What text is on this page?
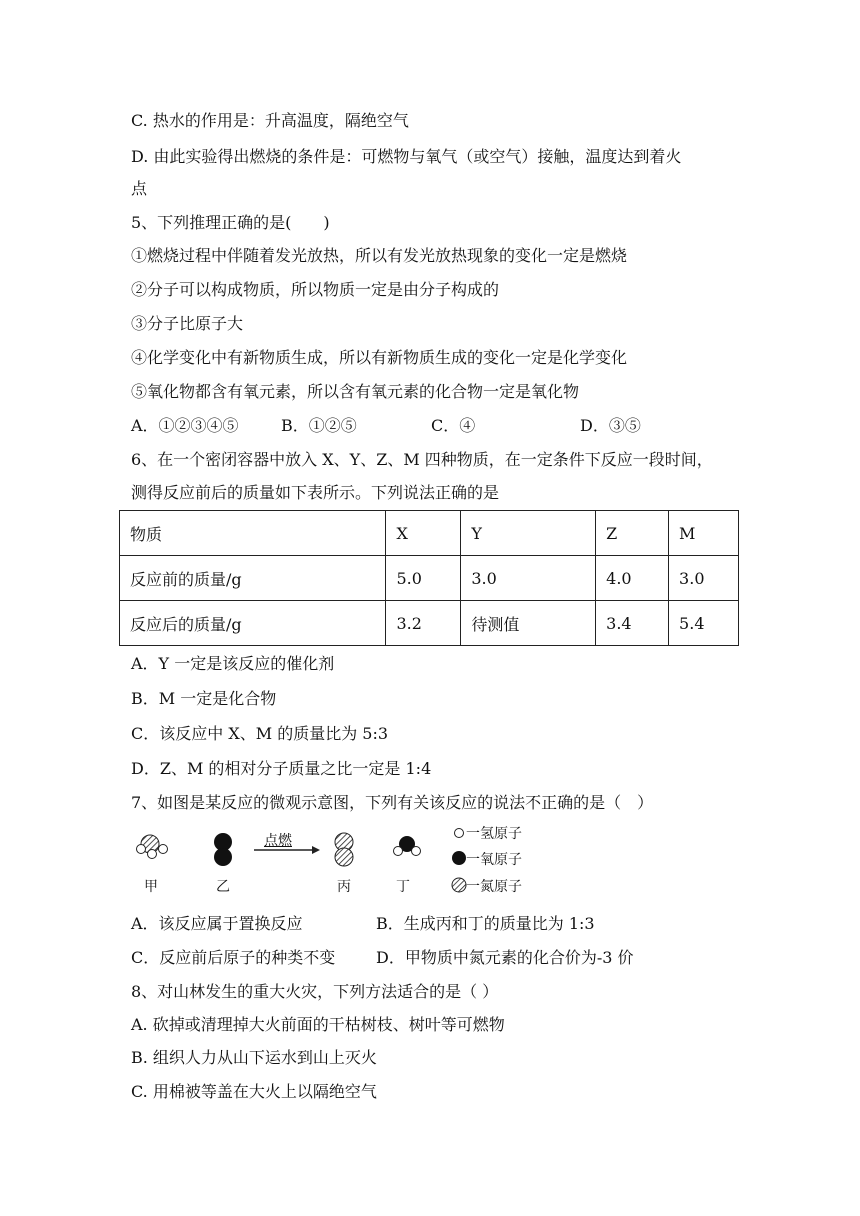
C. 热水的作用是：升高温度，隔绝空气
D. 由此实验得出燃烧的条件是：可燃物与氧气（或空气）接触，温度达到着火
点
5、下列推理正确的是(　　)
①燃烧过程中伴随着发光放热，所以有发光放热现象的变化一定是燃烧
②分子可以构成物质，所以物质一定是由分子构成的
③分子比原子大
④化学变化中有新物质生成，所以有新物质生成的变化一定是化学变化
⑤氧化物都含有氧元素，所以含有氧元素的化合物一定是氧化物
A．①②③④⑤	B．①②⑤	C．④	D．③⑤
6、在一个密闭容器中放入 X、Y、Z、M 四种物质，在一定条件下反应一段时间，
测得反应前后的质量如下表所示。下列说法正确的是
物质	X	Y	Z	M
反应前的质量/g	5.0	3.0	4.0	3.0
反应后的质量/g	3.2	待测值	3.4	5.4
A．Y 一定是该反应的催化剂
B．M 一定是化合物
C．该反应中 X、M 的质量比为 5:3
D．Z、M 的相对分子质量之比一定是 1:4
7、如图是某反应的微观示意图，下列有关该反应的说法不正确的是（　）
甲	乙
点燃
丙	丁
一氢原子
一氧原子
一氮原子
A．该反应属于置换反应	B．生成丙和丁的质量比为 1:3
C．反应前后原子的种类不变	D．甲物质中氮元素的化合价为-3 价
8、对山林发生的重大火灾，下列方法适合的是（ ）
A. 砍掉或清理掉大火前面的干枯树枝、树叶等可燃物
B. 组织人力从山下运水到山上灭火
C. 用棉被等盖在大火上以隔绝空气
